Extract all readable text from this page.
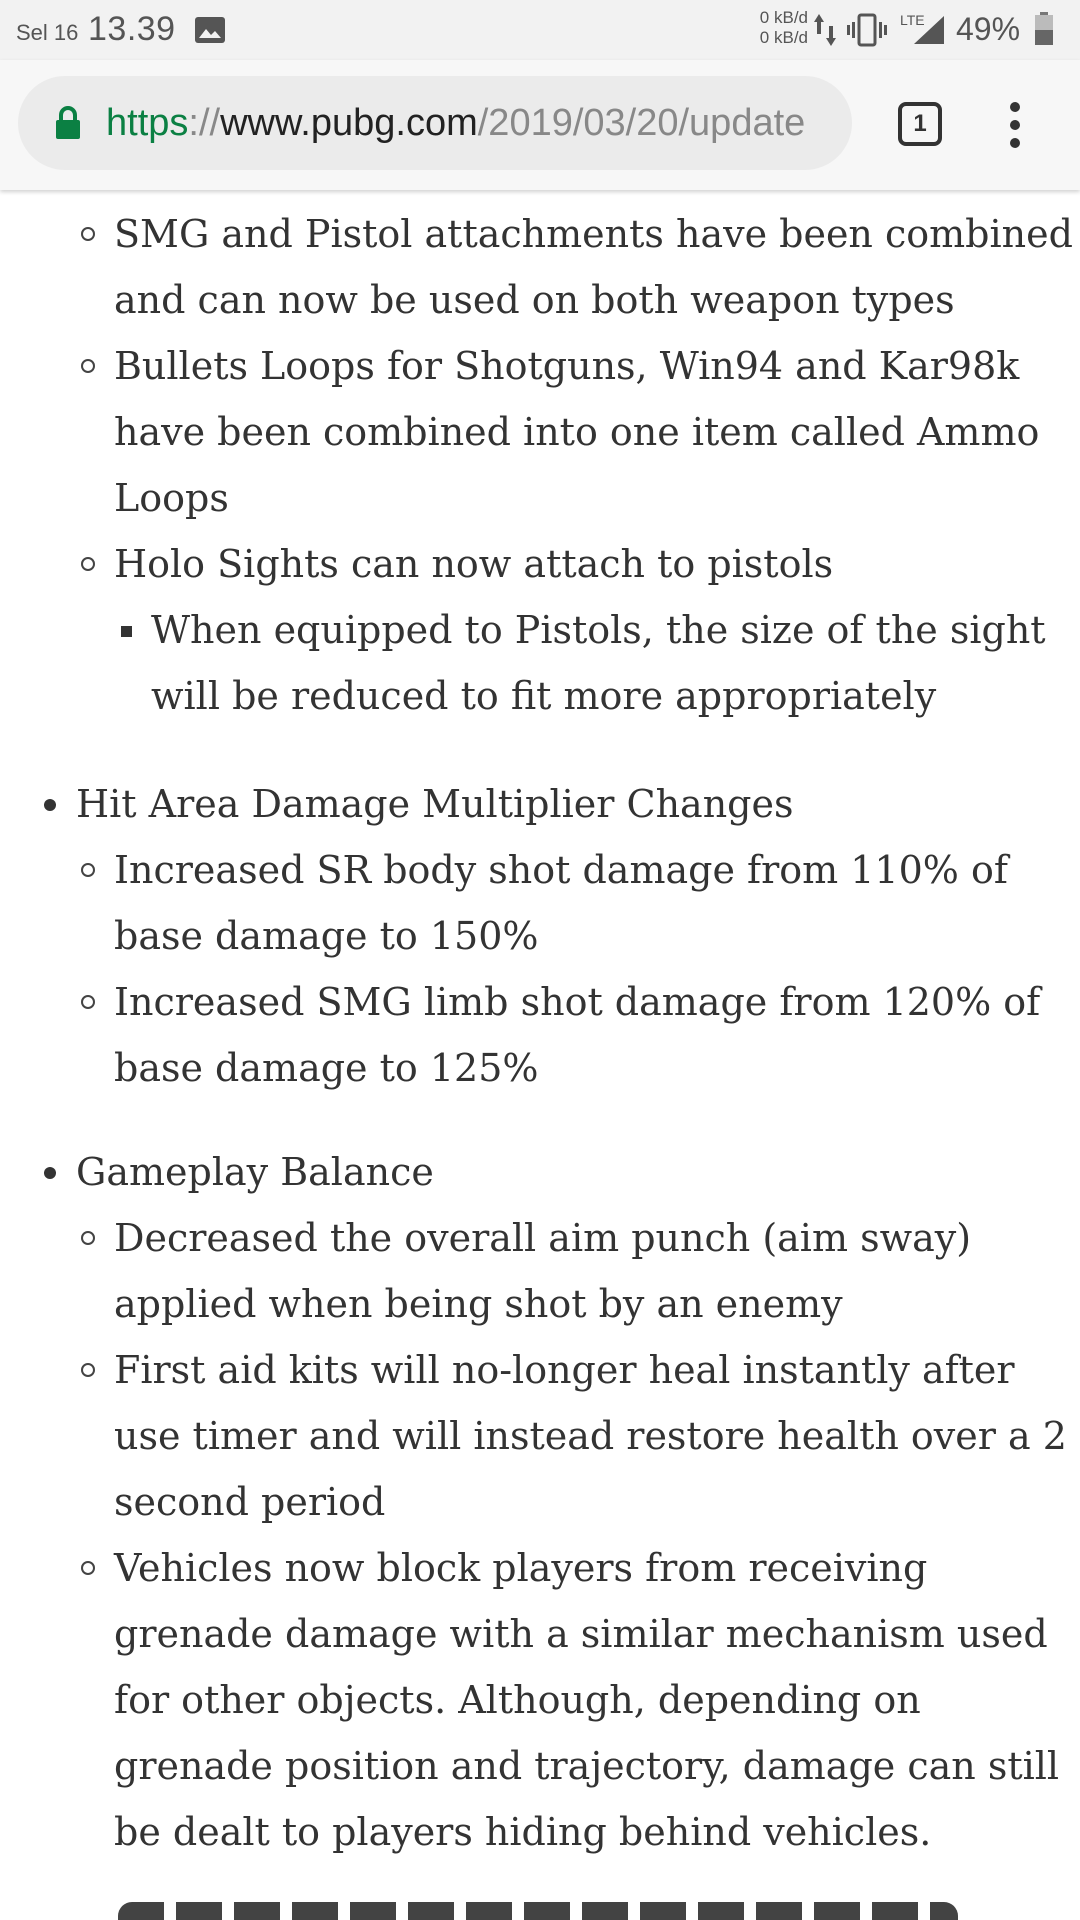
Sel 16 13.39	0 kB/d
0 kB/d
LTE 49%
https://www.pubg.com/2019/03/20/update	1
SMG and Pistol attachments have been combined
and can now be used on both weapon types
Bullets Loops for Shotguns, Win94 and Kar98k
have been combined into one item called Ammo
Loops
Holo Sights can now attach to pistols
When equipped to Pistols, the size of the sight
will be reduced to fit more appropriately
Hit Area Damage Multiplier Changes
Increased SR body shot damage from 110% of
base damage to 150%
Increased SMG limb shot damage from 120% of
base damage to 125%
Gameplay Balance
Decreased the overall aim punch (aim sway)
applied when being shot by an enemy
First aid kits will no-longer heal instantly after
use timer and will instead restore health over a 2
second period
Vehicles now block players from receiving
grenade damage with a similar mechanism used
for other objects. Although, depending on
grenade position and trajectory, damage can still
be dealt to players hiding behind vehicles.
